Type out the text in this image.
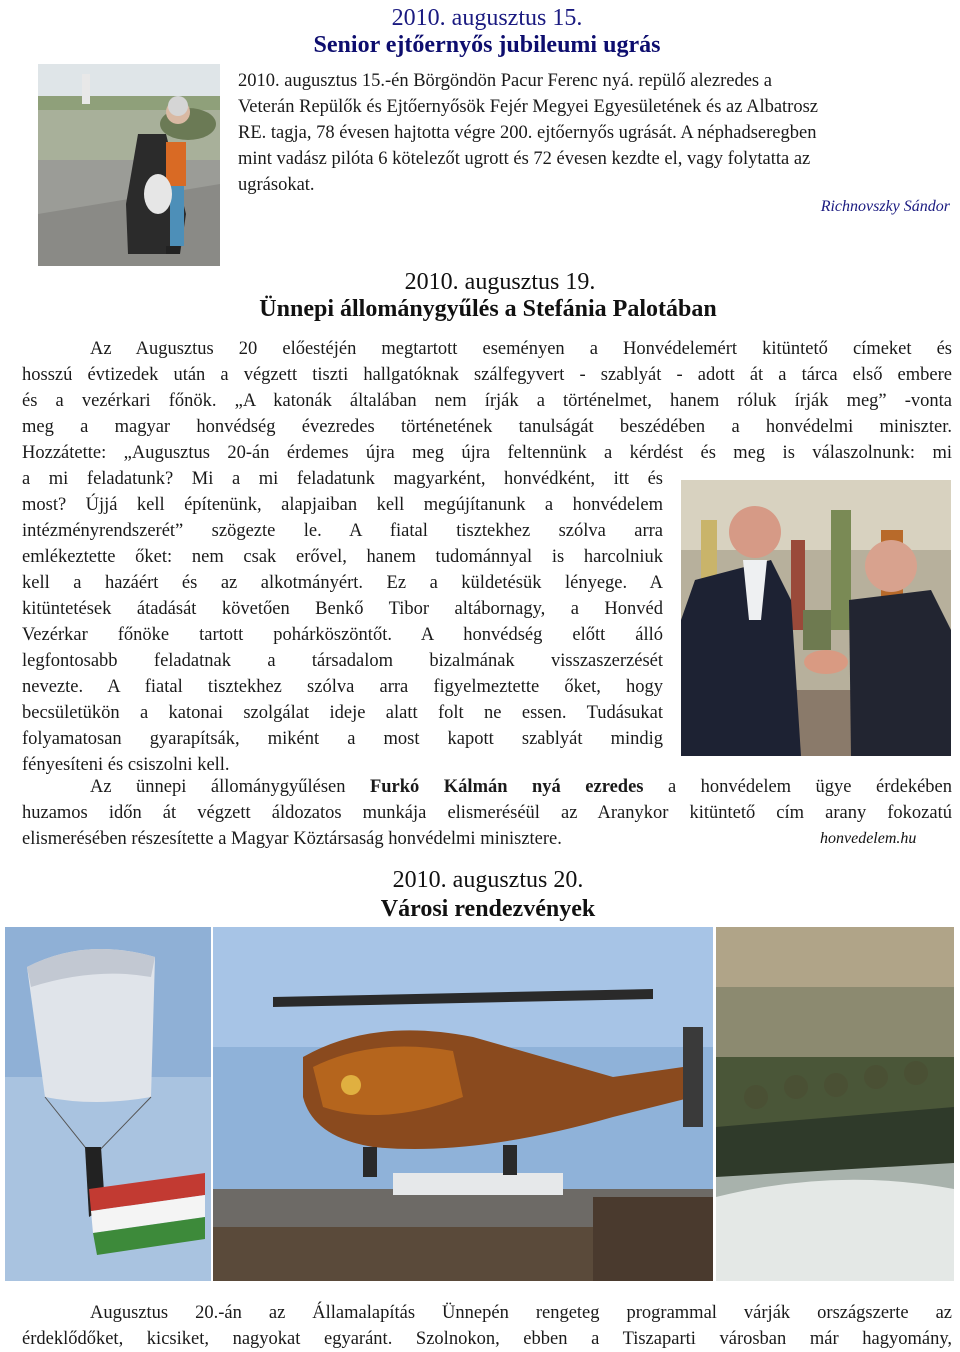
2010. augusztus 15.
Senior ejtőernyős jubileumi ugrás
2010. augusztus 15.-én Börgöndön Pacur Ferenc nyá. repülő alezredes a
Veterán Repülők és Ejtőernyősök Fejér Megyei Egyesületének és az Albatrosz
RE. tagja, 78 évesen hajtotta végre 200. ejtőernyős ugrását. A néphadseregben
mint vadász pilóta 6 kötelezőt ugrott és 72 évesen kezdte el, vagy folytatta az
ugrásokat.
Richnovszky Sándor
2010. augusztus 19.
Ünnepi állománygyűlés a Stefánia Palotában
Az Augusztus 20 előestéjén megtartott eseményen a Honvédelemért kitüntető címeket és
hosszú évtizedek után a végzett tiszti hallgatóknak szálfegyvert - szablyát - adott át a tárca első embere
és a vezérkari főnök. „A katonák általában nem írják a történelmet, hanem róluk írják meg” -vonta
meg a magyar honvédség évezredes történetének tanulságát beszédében a honvédelmi miniszter.
Hozzátette: „Augusztus 20-án érdemes újra meg újra feltennünk a kérdést és meg is válaszolnunk: mi
a mi feladatunk? Mi a mi feladatunk magyarként, honvédként, itt és
most? Újjá kell építenünk, alapjaiban kell megújítanunk a honvédelem
intézményrendszerét” szögezte le. A fiatal tisztekhez szólva arra
emlékeztette őket: nem csak erővel, hanem tudománnyal is harcolniuk
kell a hazáért és az alkotmányért. Ez a küldetésük lényege. A
kitüntetések átadását követően Benkő Tibor altábornagy, a Honvéd
Vezérkar főnöke tartott pohárköszöntőt. A honvédség előtt álló
legfontosabb feladatnak a társadalom bizalmának visszaszerzését
nevezte. A fiatal tisztekhez szólva arra figyelmeztette őket, hogy
becsületükön a katonai szolgálat ideje alatt folt ne essen. Tudásukat
folyamatosan gyarapítsák, miként a most kapott szablyát mindig
fényesíteni és csiszolni kell.
Az ünnepi állománygyűlésen Furkó Kálmán nyá ezredes a honvédelem ügye érdekében
huzamos időn át végzett áldozatos munkája elismeréséül az Aranykor kitüntető cím arany fokozatú
elismerésében részesítette a Magyar Köztársaság honvédelmi minisztere.	honvedelem.hu
2010. augusztus 20.
Városi rendezvények
Augusztus 20.-án az Államalapítás Ünnepén rengeteg programmal várják országszerte az
érdeklődőket, kicsiket, nagyokat egyaránt. Szolnokon, ebben a Tiszaparti városban már hagyomány,
